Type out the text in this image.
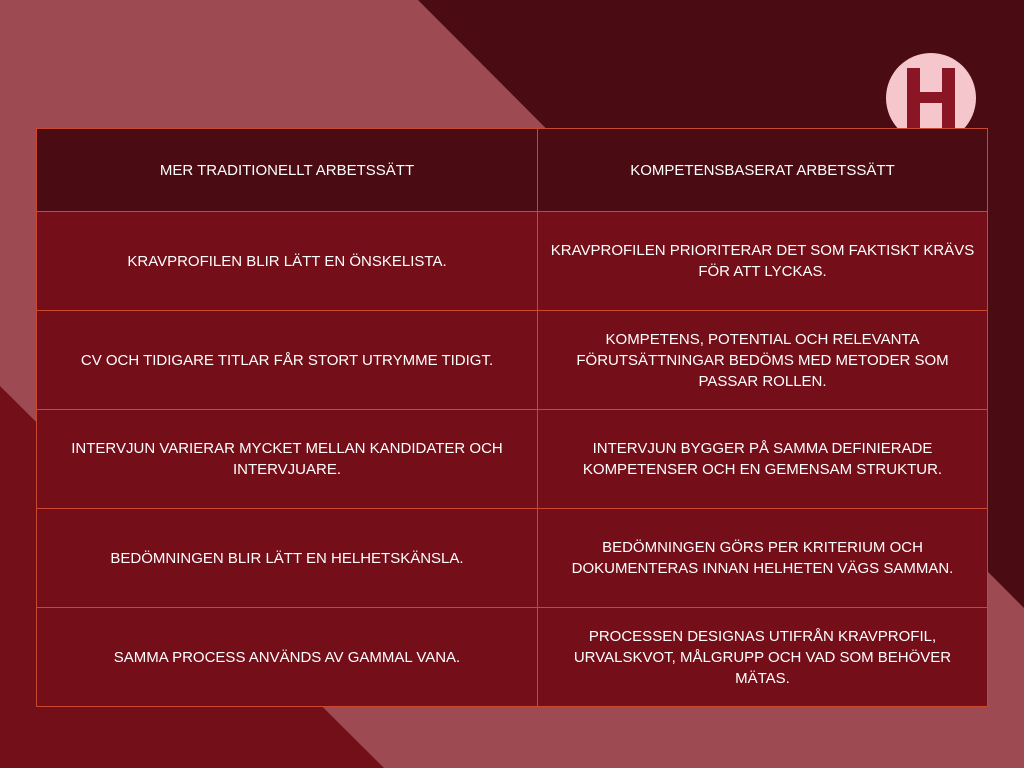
MER TRADITIONELLT ARBETSSÄTT	KOMPETENSBASERAT ARBETSSÄTT
KRAVPROFILEN BLIR LÄTT EN ÖNSKELISTA.	KRAVPROFILEN PRIORITERAR DET SOM FAKTISKT KRÄVS FÖR ATT LYCKAS.
CV OCH TIDIGARE TITLAR FÅR STORT UTRYMME TIDIGT.	KOMPETENS, POTENTIAL OCH RELEVANTA FÖRUTSÄTTNINGAR BEDÖMS MED METODER SOM PASSAR ROLLEN.
INTERVJUN VARIERAR MYCKET MELLAN KANDIDATER OCH INTERVJUARE.	INTERVJUN BYGGER PÅ SAMMA DEFINIERADE KOMPETENSER OCH EN GEMENSAM STRUKTUR.
BEDÖMNINGEN BLIR LÄTT EN HELHETSKÄNSLA.	BEDÖMNINGEN GÖRS PER KRITERIUM OCH DOKUMENTERAS INNAN HELHETEN VÄGS SAMMAN.
SAMMA PROCESS ANVÄNDS AV GAMMAL VANA.	PROCESSEN DESIGNAS UTIFRÅN KRAVPROFIL, URVALSKVOT, MÅLGRUPP OCH VAD SOM BEHÖVER MÄTAS.
